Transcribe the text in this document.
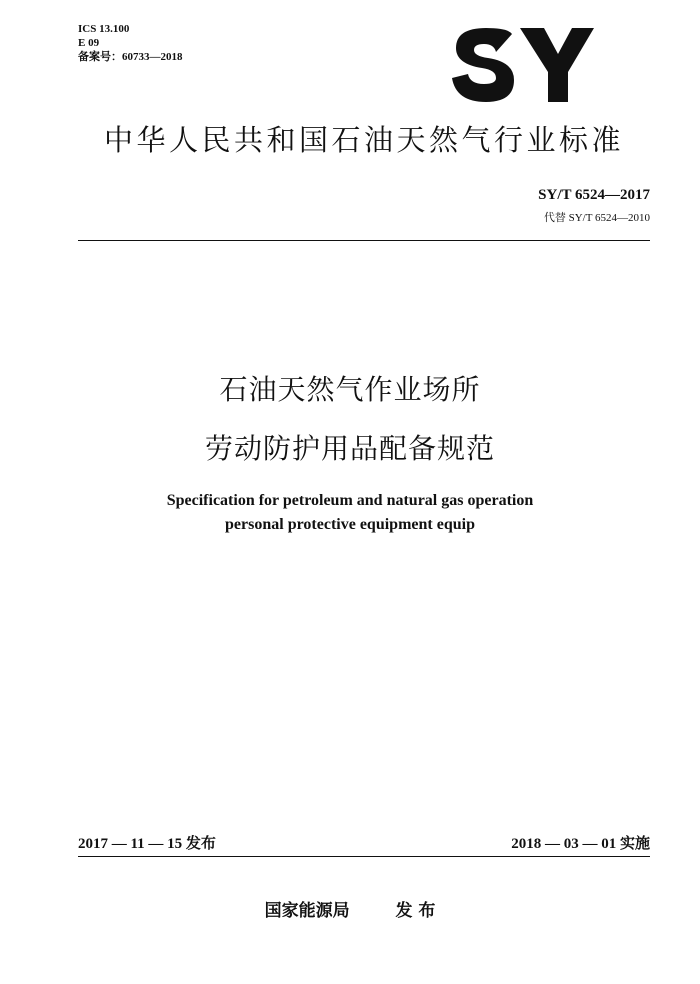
ICS 13.100
E 09
备案号：60733—2018
中华人民共和国石油天然气行业标准
SY/T 6524—2017
代替 SY/T 6524—2010
石油天然气作业场所
劳动防护用品配备规范
Specification for petroleum and natural gas operation
personal protective equipment equip
2017 — 11 — 15 发布	2018 — 03 — 01 实施
国家能源局	发 布
